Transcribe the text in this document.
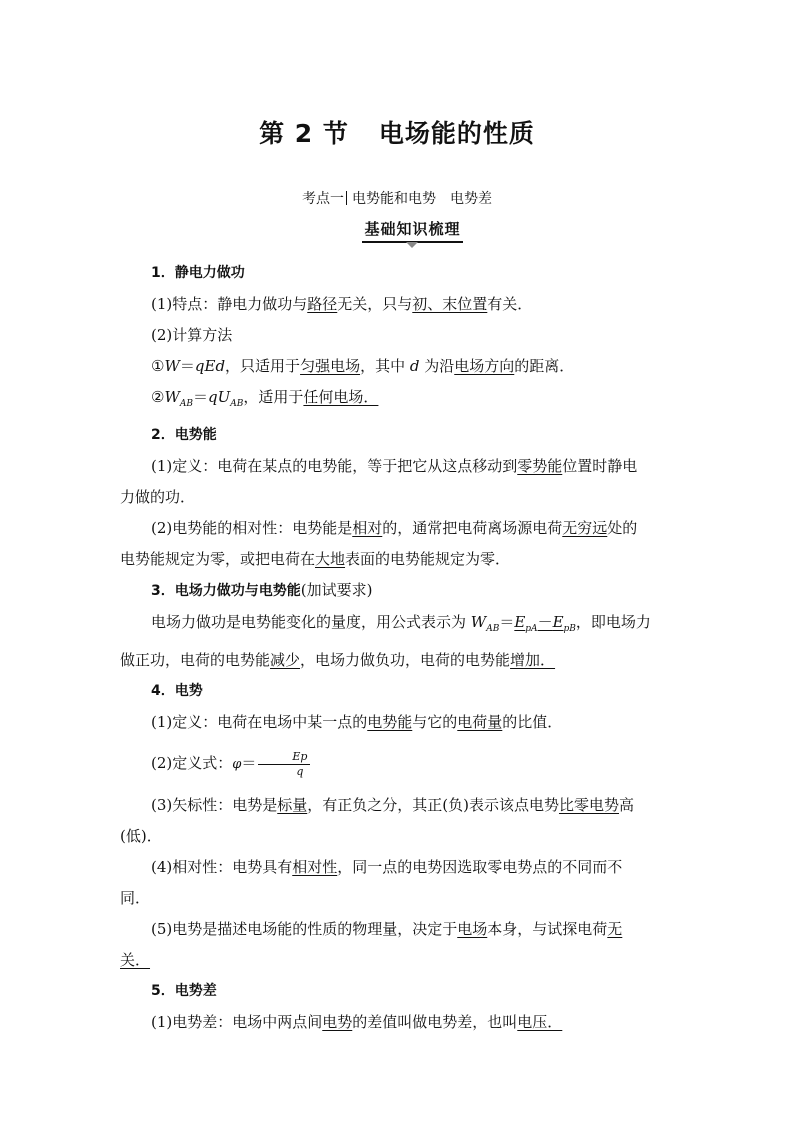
第 2 节 电场能的性质
考点一 电势能和电势 电势差
基础知识梳理

1．静电力做功

(1)特点：静电力做功与路径无关，只与初、末位置有关．

(2)计算方法

①W＝qEd，只适用于匀强电场，其中 d 为沿电场方向的距离．

$②W_{AB}=qU_{AB}$，适用于任何电场． 

2．电势能

(1)定义：电荷在某点的电势能，等于把它从这点移动到零势能位置时静电
力做的功．

(2)电势能的相对性：电势能是相对的，通常把电荷离场源电荷无穷远处的
电势能规定为零，或把电荷在大地表面的电势能规定为零．

3．电场力做功与电势能(加试要求)

电场力做功是电势能变化的量度，用公式表示为 $W_{AB}=E_{pA}-E_{pB}$，即电场力
做正功，电荷的电势能减少，电场力做负功，电荷的电势能增加． 

4．电势

(1)定义：电荷在电场中某一点的电势能与它的电荷量的比值．

(2)定义式：$\varphi= \frac{Ep}{q}$

(3)矢标性：电势是标量，有正负之分，其正(负)表示该点电势比零电势高
(低)．

(4)相对性：电势具有相对性，同一点的电势因选取零电势点的不同而不
同．

(5)电势是描述电场能的性质的物理量，决定于电场本身，与试探电荷无
关．

5．电势差

(1)电势差：电场中两点间电势的差值叫做电势差，也叫电压． 
